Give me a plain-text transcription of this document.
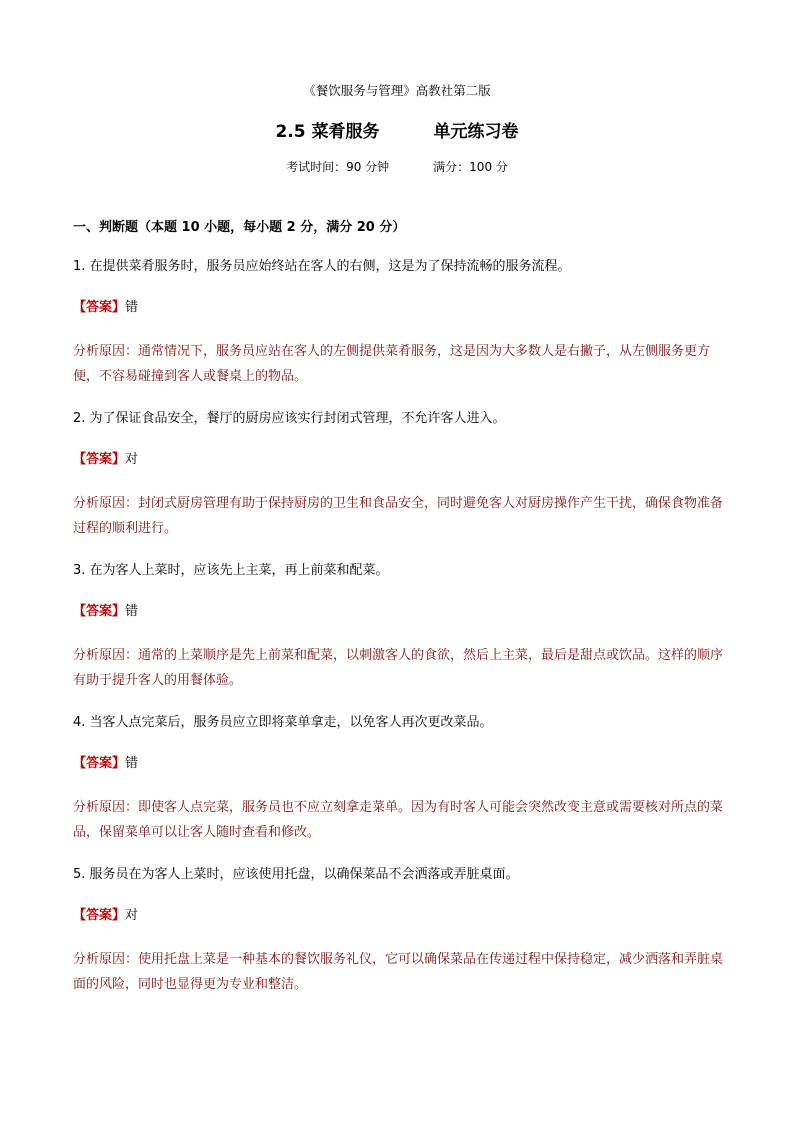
《餐饮服务与管理》高教社第二版
2.5 菜肴服务	单元练习卷
考试时间：90 分钟	满分：100 分
一、判断题（本题 10 小题，每小题 2 分，满分 20 分）
1. 在提供菜肴服务时，服务员应始终站在客人的右侧，这是为了保持流畅的服务流程。
【答案】错
分析原因：通常情况下，服务员应站在客人的左侧提供菜肴服务，这是因为大多数人是右撇子，从左侧服务更方便，不容易碰撞到客人或餐桌上的物品。
2. 为了保证食品安全，餐厅的厨房应该实行封闭式管理，不允许客人进入。
【答案】对
分析原因：封闭式厨房管理有助于保持厨房的卫生和食品安全，同时避免客人对厨房操作产生干扰，确保食物准备过程的顺利进行。
3. 在为客人上菜时，应该先上主菜，再上前菜和配菜。
【答案】错
分析原因：通常的上菜顺序是先上前菜和配菜，以刺激客人的食欲，然后上主菜，最后是甜点或饮品。这样的顺序有助于提升客人的用餐体验。
4. 当客人点完菜后，服务员应立即将菜单拿走，以免客人再次更改菜品。
【答案】错
分析原因：即使客人点完菜，服务员也不应立刻拿走菜单。因为有时客人可能会突然改变主意或需要核对所点的菜品，保留菜单可以让客人随时查看和修改。
5. 服务员在为客人上菜时，应该使用托盘，以确保菜品不会洒落或弄脏桌面。
【答案】对
分析原因：使用托盘上菜是一种基本的餐饮服务礼仪，它可以确保菜品在传递过程中保持稳定，减少洒落和弄脏桌面的风险，同时也显得更为专业和整洁。
